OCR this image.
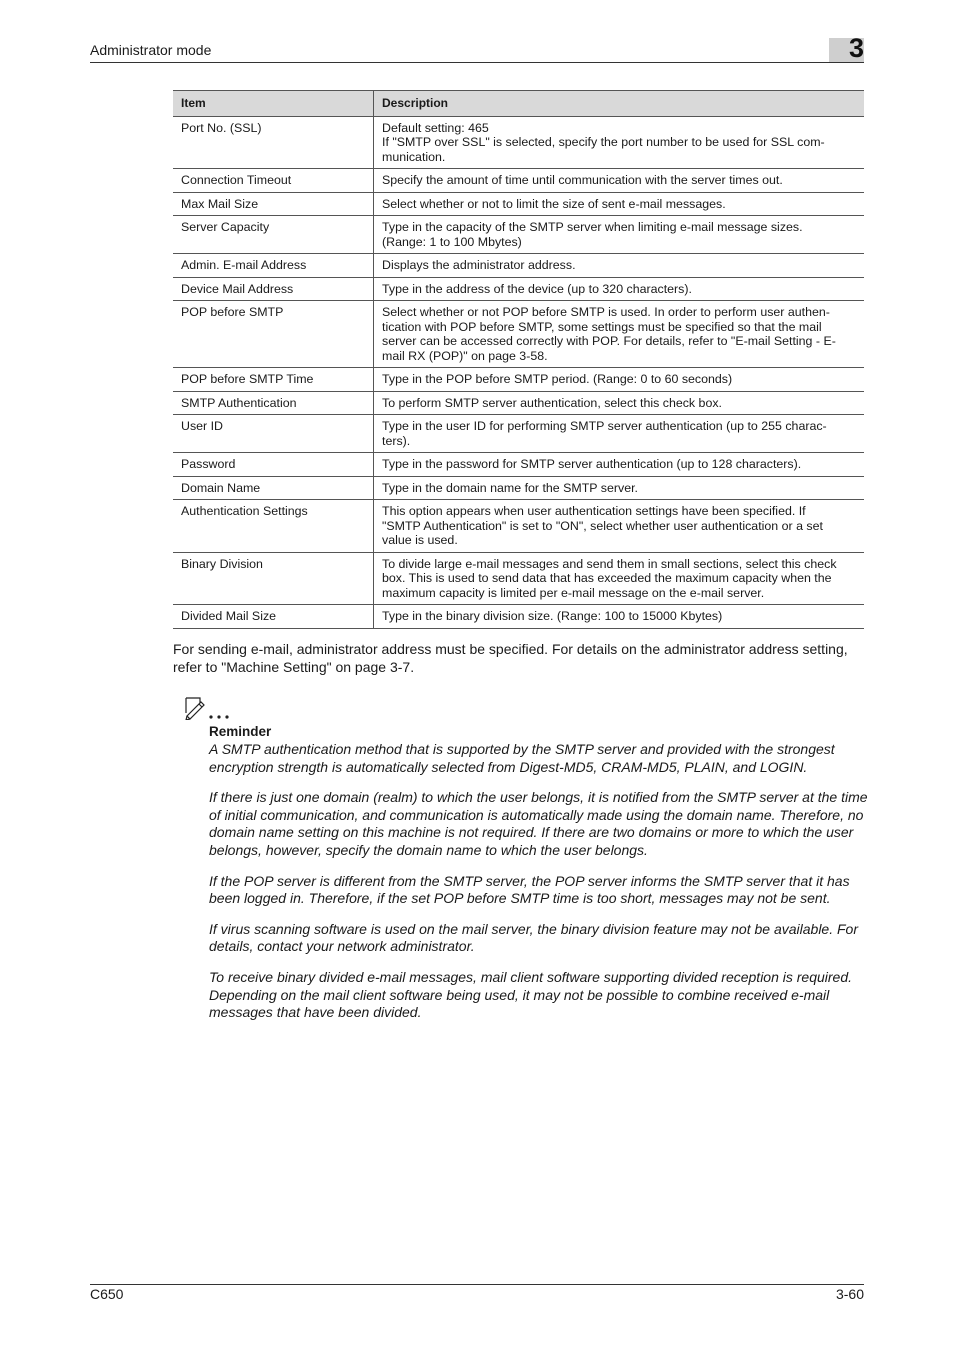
Administrator mode	3
Item	Description
Port No. (SSL)	Default setting: 465
If "SMTP over SSL" is selected, specify the port number to be used for SSL com-
munication.
Connection Timeout	Specify the amount of time until communication with the server times out.
Max Mail Size	Select whether or not to limit the size of sent e-mail messages.
Server Capacity	Type in the capacity of the SMTP server when limiting e-mail message sizes.
(Range: 1 to 100 Mbytes)
Admin. E-mail Address	Displays the administrator address.
Device Mail Address	Type in the address of the device (up to 320 characters).
POP before SMTP	Select whether or not POP before SMTP is used. In order to perform user authen-
tication with POP before SMTP, some settings must be specified so that the mail
server can be accessed correctly with POP. For details, refer to "E-mail Setting - E-
mail RX (POP)" on page 3-58.
POP before SMTP Time	Type in the POP before SMTP period. (Range: 0 to 60 seconds)
SMTP Authentication	To perform SMTP server authentication, select this check box.
User ID	Type in the user ID for performing SMTP server authentication (up to 255 charac-
ters).
Password	Type in the password for SMTP server authentication (up to 128 characters).
Domain Name	Type in the domain name for the SMTP server.
Authentication Settings	This option appears when user authentication settings have been specified. If
"SMTP Authentication" is set to "ON", select whether user authentication or a set
value is used.
Binary Division	To divide large e-mail messages and send them in small sections, select this check
box. This is used to send data that has exceeded the maximum capacity when the
maximum capacity is limited per e-mail message on the e-mail server.
Divided Mail Size	Type in the binary division size. (Range: 100 to 15000 Kbytes)
For sending e-mail, administrator address must be specified. For details on the administrator address setting, refer to "Machine Setting" on page 3-7.
Reminder

A SMTP authentication method that is supported by the SMTP server and provided with the strongest encryption strength is automatically selected from Digest-MD5, CRAM-MD5, PLAIN, and LOGIN.

If there is just one domain (realm) to which the user belongs, it is notified from the SMTP server at the time of initial communication, and communication is automatically made using the domain name. Therefore, no domain name setting on this machine is not required. If there are two domains or more to which the user belongs, however, specify the domain name to which the user belongs.

If the POP server is different from the SMTP server, the POP server informs the SMTP server that it has been logged in. Therefore, if the set POP before SMTP time is too short, messages may not be sent.

If virus scanning software is used on the mail server, the binary division feature may not be available. For details, contact your network administrator.

To receive binary divided e-mail messages, mail client software supporting divided reception is required. Depending on the mail client software being used, it may not be possible to combine received e-mail messages that have been divided.

C650	3-60
